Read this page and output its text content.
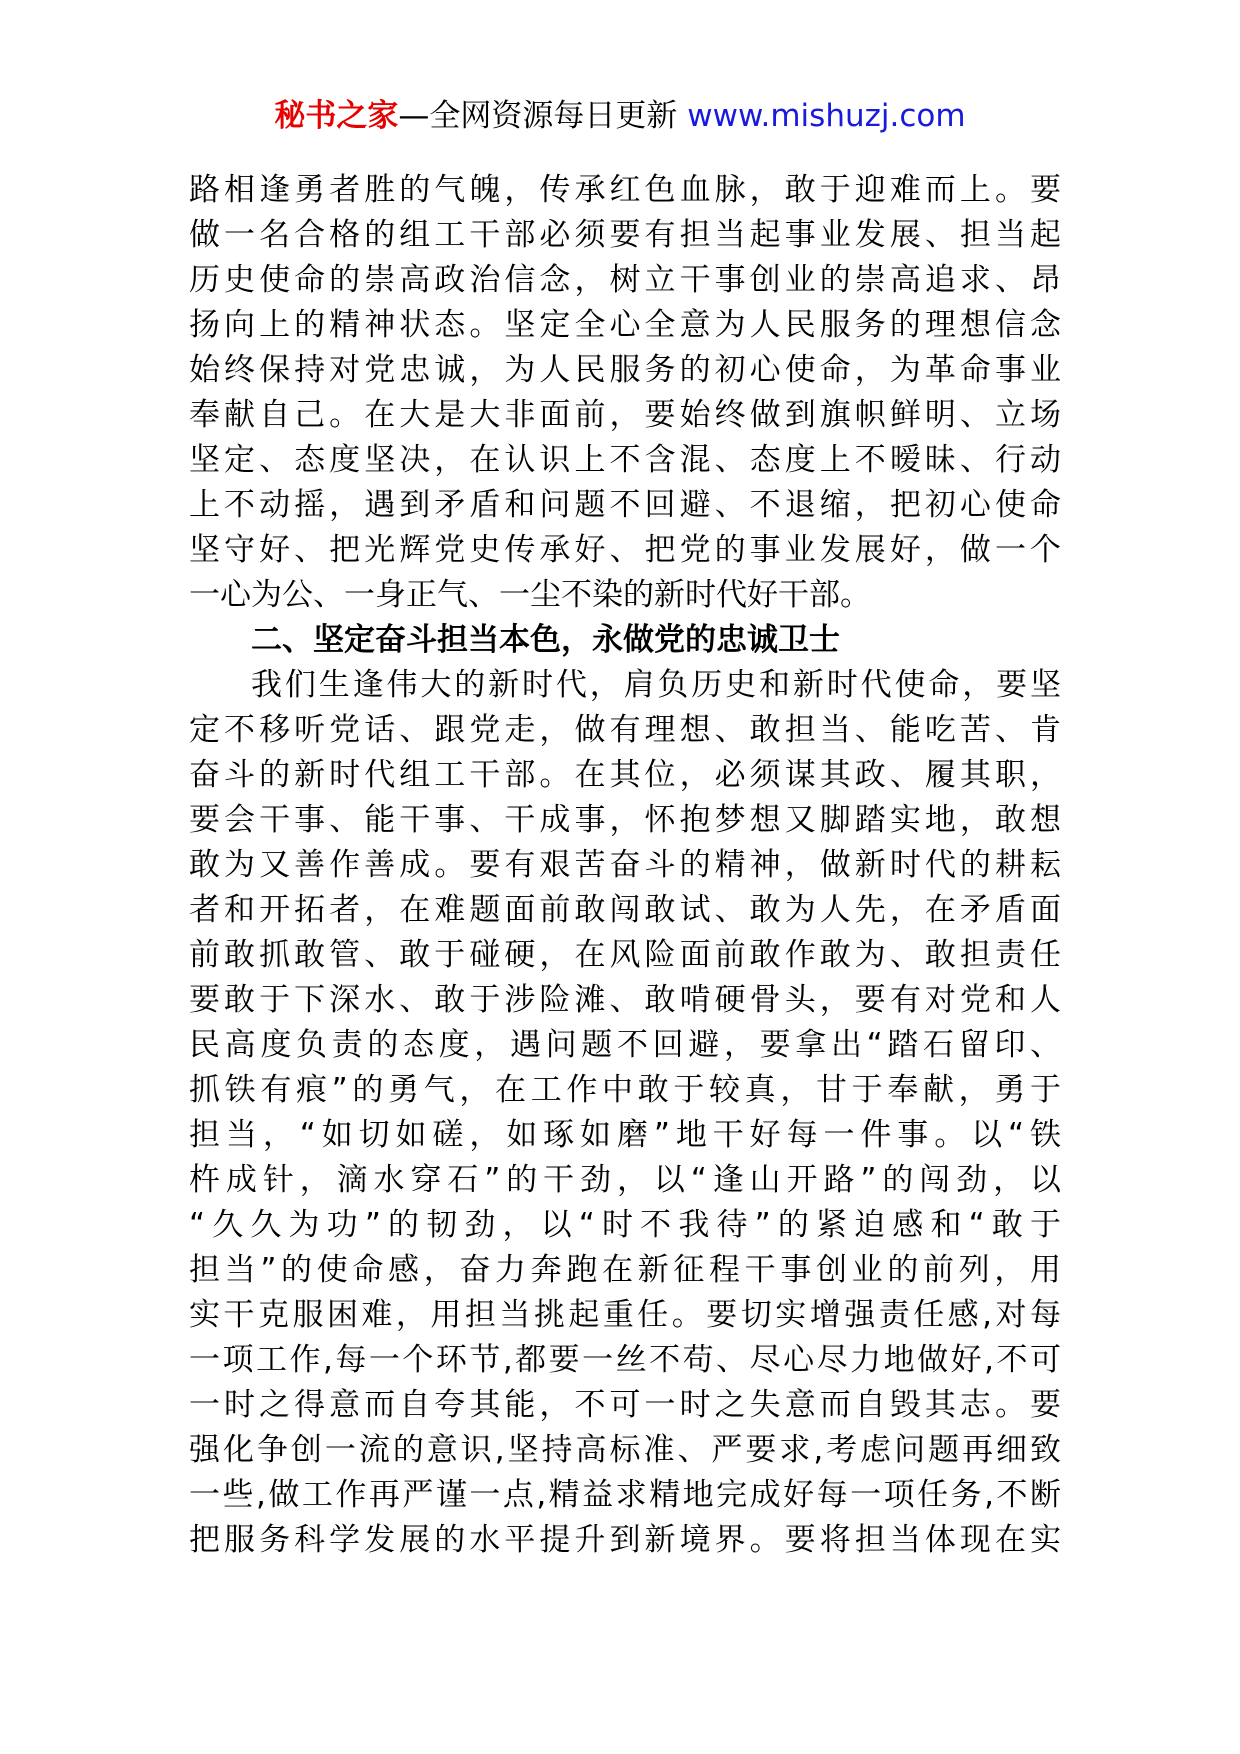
秘书之家—全网资源每日更新 www.mishuzj.com
路相逢勇者胜的气魄，传承红色血脉，敢于迎难而上。要
做一名合格的组工干部必须要有担当起事业发展、担当起
历史使命的崇高政治信念，树立干事创业的崇高追求、昂
扬向上的精神状态。坚定全心全意为人民服务的理想信念
始终保持对党忠诚，为人民服务的初心使命，为革命事业
奉献自己。在大是大非面前，要始终做到旗帜鲜明、立场
坚定、态度坚决，在认识上不含混、态度上不暧昧、行动
上不动摇，遇到矛盾和问题不回避、不退缩，把初心使命
坚守好、把光辉党史传承好、把党的事业发展好，做一个
一心为公、一身正气、一尘不染的新时代好干部。
二、坚定奋斗担当本色，永做党的忠诚卫士
我们生逢伟大的新时代，肩负历史和新时代使命，要坚
定不移听党话、跟党走，做有理想、敢担当、能吃苦、肯
奋斗的新时代组工干部。在其位，必须谋其政、履其职，
要会干事、能干事、干成事，怀抱梦想又脚踏实地，敢想
敢为又善作善成。要有艰苦奋斗的精神，做新时代的耕耘
者和开拓者，在难题面前敢闯敢试、敢为人先，在矛盾面
前敢抓敢管、敢于碰硬，在风险面前敢作敢为、敢担责任
要敢于下深水、敢于涉险滩、敢啃硬骨头，要有对党和人
民高度负责的态度，遇问题不回避，要拿出“踏石留印、
抓铁有痕”的勇气，在工作中敢于较真，甘于奉献，勇于
担当，“如切如磋，如琢如磨”地干好每一件事。以“铁
杵成针，滴水穿石”的干劲，以“逢山开路”的闯劲，以
“久久为功”的韧劲，以“时不我待”的紧迫感和“敢于
担当”的使命感，奋力奔跑在新征程干事创业的前列，用
实干克服困难，用担当挑起重任。要切实增强责任感,对每
一项工作,每一个环节,都要一丝不苟、尽心尽力地做好,不可
一时之得意而自夸其能，不可一时之失意而自毁其志。要
强化争创一流的意识,坚持高标准、严要求,考虑问题再细致
一些,做工作再严谨一点,精益求精地完成好每一项任务,不断
把服务科学发展的水平提升到新境界。要将担当体现在实
